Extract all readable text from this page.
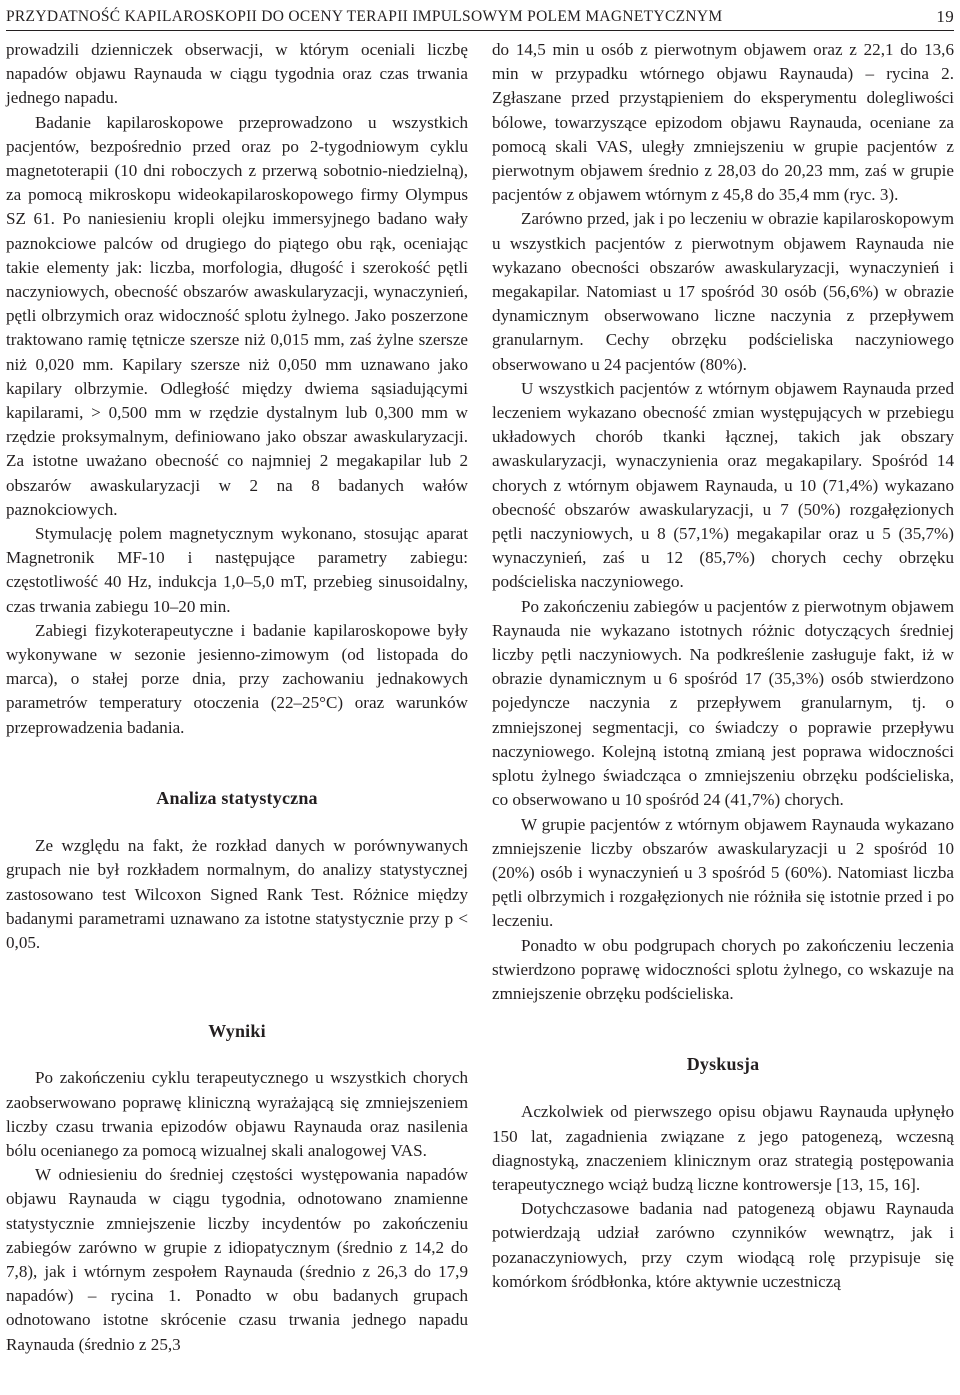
PRZYDATNOŚĆ KAPILAROSKOPII DO OCENY TERAPII IMPULSOWYM POLEM MAGNETYCZNYM	19

prowadzili dzienniczek obserwacji, w którym oceniali liczbę napadów objawu Raynauda w ciągu tygodnia oraz czas trwania jednego napadu.

Badanie kapilaroskopowe przeprowadzono u wszystkich pacjentów, bezpośrednio przed oraz po 2-tygodniowym cyklu magnetoterapii (10 dni roboczych z przerwą sobotnio-niedzielną), za pomocą mikroskopu wideokapilaroskopowego firmy Olympus SZ 61. Po naniesieniu kropli olejku immersyjnego badano wały paznokciowe palców od drugiego do piątego obu rąk, oceniając takie elementy jak: liczba, morfologia, długość i szerokość pętli naczyniowych, obecność obszarów awaskularyzacji, wynaczynień, pętli olbrzymich oraz widoczność splotu żylnego. Jako poszerzone traktowano ramię tętnicze szersze niż 0,015 mm, zaś żylne szersze niż 0,020 mm. Kapilary szersze niż 0,050 mm uznawano jako kapilary olbrzymie. Odległość między dwiema sąsiadującymi kapilarami, > 0,500 mm w rzędzie dystalnym lub 0,300 mm w rzędzie proksymalnym, definiowano jako obszar awaskularyzacji. Za istotne uważano obecność co najmniej 2 megakapilar lub 2 obszarów awaskularyzacji w 2 na 8 badanych wałów paznokciowych.

Stymulację polem magnetycznym wykonano, stosując aparat Magnetronik MF-10 i następujące parametry zabiegu: częstotliwość 40 Hz, indukcja 1,0–5,0 mT, przebieg sinusoidalny, czas trwania zabiegu 10–20 min.

Zabiegi fizykoterapeutyczne i badanie kapilaroskopowe były wykonywane w sezonie jesienno-zimowym (od listopada do marca), o stałej porze dnia, przy zachowaniu jednakowych parametrów temperatury otoczenia (22–25°C) oraz warunków przeprowadzenia badania.

Analiza statystyczna

Ze względu na fakt, że rozkład danych w porównywanych grupach nie był rozkładem normalnym, do analizy statystycznej zastosowano test Wilcoxon Signed Rank Test. Różnice między badanymi parametrami uznawano za istotne statystycznie przy p < 0,05.

Wyniki

Po zakończeniu cyklu terapeutycznego u wszystkich chorych zaobserwowano poprawę kliniczną wyrażającą się zmniejszeniem liczby czasu trwania epizodów objawu Raynauda oraz nasilenia bólu ocenianego za pomocą wizualnej skali analogowej VAS.

W odniesieniu do średniej częstości występowania napadów objawu Raynauda w ciągu tygodnia, odnotowano znamienne statystycznie zmniejszenie liczby incydentów po zakończeniu zabiegów zarówno w grupie z idiopatycznym (średnio z 14,2 do 7,8), jak i wtórnym zespołem Raynauda (średnio z 26,3 do 17,9 napadów) – rycina 1. Ponadto w obu badanych grupach odnotowano istotne skrócenie czasu trwania jednego napadu Raynauda (średnio z 25,3

do 14,5 min u osób z pierwotnym objawem oraz z 22,1 do 13,6 min w przypadku wtórnego objawu Raynauda) – rycina 2. Zgłaszane przed przystąpieniem do eksperymentu dolegliwości bólowe, towarzyszące epizodom objawu Raynauda, oceniane za pomocą skali VAS, uległy zmniejszeniu w grupie pacjentów z pierwotnym objawem średnio z 28,03 do 20,23 mm, zaś w grupie pacjentów z objawem wtórnym z 45,8 do 35,4 mm (ryc. 3).

Zarówno przed, jak i po leczeniu w obrazie kapilaroskopowym u wszystkich pacjentów z pierwotnym objawem Raynauda nie wykazano obecności obszarów awaskularyzacji, wynaczynień i megakapilar. Natomiast u 17 spośród 30 osób (56,6%) w obrazie dynamicznym obserwowano liczne naczynia z przepływem granularnym. Cechy obrzęku podścieliska naczyniowego obserwowano u 24 pacjentów (80%).

U wszystkich pacjentów z wtórnym objawem Raynauda przed leczeniem wykazano obecność zmian występujących w przebiegu układowych chorób tkanki łącznej, takich jak obszary awaskularyzacji, wynaczynienia oraz megakapilary. Spośród 14 chorych z wtórnym objawem Raynauda, u 10 (71,4%) wykazano obecność obszarów awaskularyzacji, u 7 (50%) rozgałęzionych pętli naczyniowych, u 8 (57,1%) megakapilar oraz u 5 (35,7%) wynaczynień, zaś u 12 (85,7%) chorych cechy obrzęku podścieliska naczyniowego.

Po zakończeniu zabiegów u pacjentów z pierwotnym objawem Raynauda nie wykazano istotnych różnic dotyczących średniej liczby pętli naczyniowych. Na podkreślenie zasługuje fakt, iż w obrazie dynamicznym u 6 spośród 17 (35,3%) osób stwierdzono pojedyncze naczynia z przepływem granularnym, tj. o zmniejszonej segmentacji, co świadczy o poprawie przepływu naczyniowego. Kolejną istotną zmianą jest poprawa widoczności splotu żylnego świadcząca o zmniejszeniu obrzęku podścieliska, co obserwowano u 10 spośród 24 (41,7%) chorych.

W grupie pacjentów z wtórnym objawem Raynauda wykazano zmniejszenie liczby obszarów awaskularyzacji u 2 spośród 10 (20%) osób i wynaczynień u 3 spośród 5 (60%). Natomiast liczba pętli olbrzymich i rozgałęzionych nie różniła się istotnie przed i po leczeniu.

Ponadto w obu podgrupach chorych po zakończeniu leczenia stwierdzono poprawę widoczności splotu żylnego, co wskazuje na zmniejszenie obrzęku podścieliska.

Dyskusja

Aczkolwiek od pierwszego opisu objawu Raynauda upłynęło 150 lat, zagadnienia związane z jego patogenezą, wczesną diagnostyką, znaczeniem klinicznym oraz strategią postępowania terapeutycznego wciąż budzą liczne kontrowersje [13, 15, 16].

Dotychczasowe badania nad patogenezą objawu Raynauda potwierdzają udział zarówno czynników wewnątrz, jak i pozanaczyniowych, przy czym wiodącą rolę przypisuje się komórkom śródbłonka, które aktywnie uczestniczą
